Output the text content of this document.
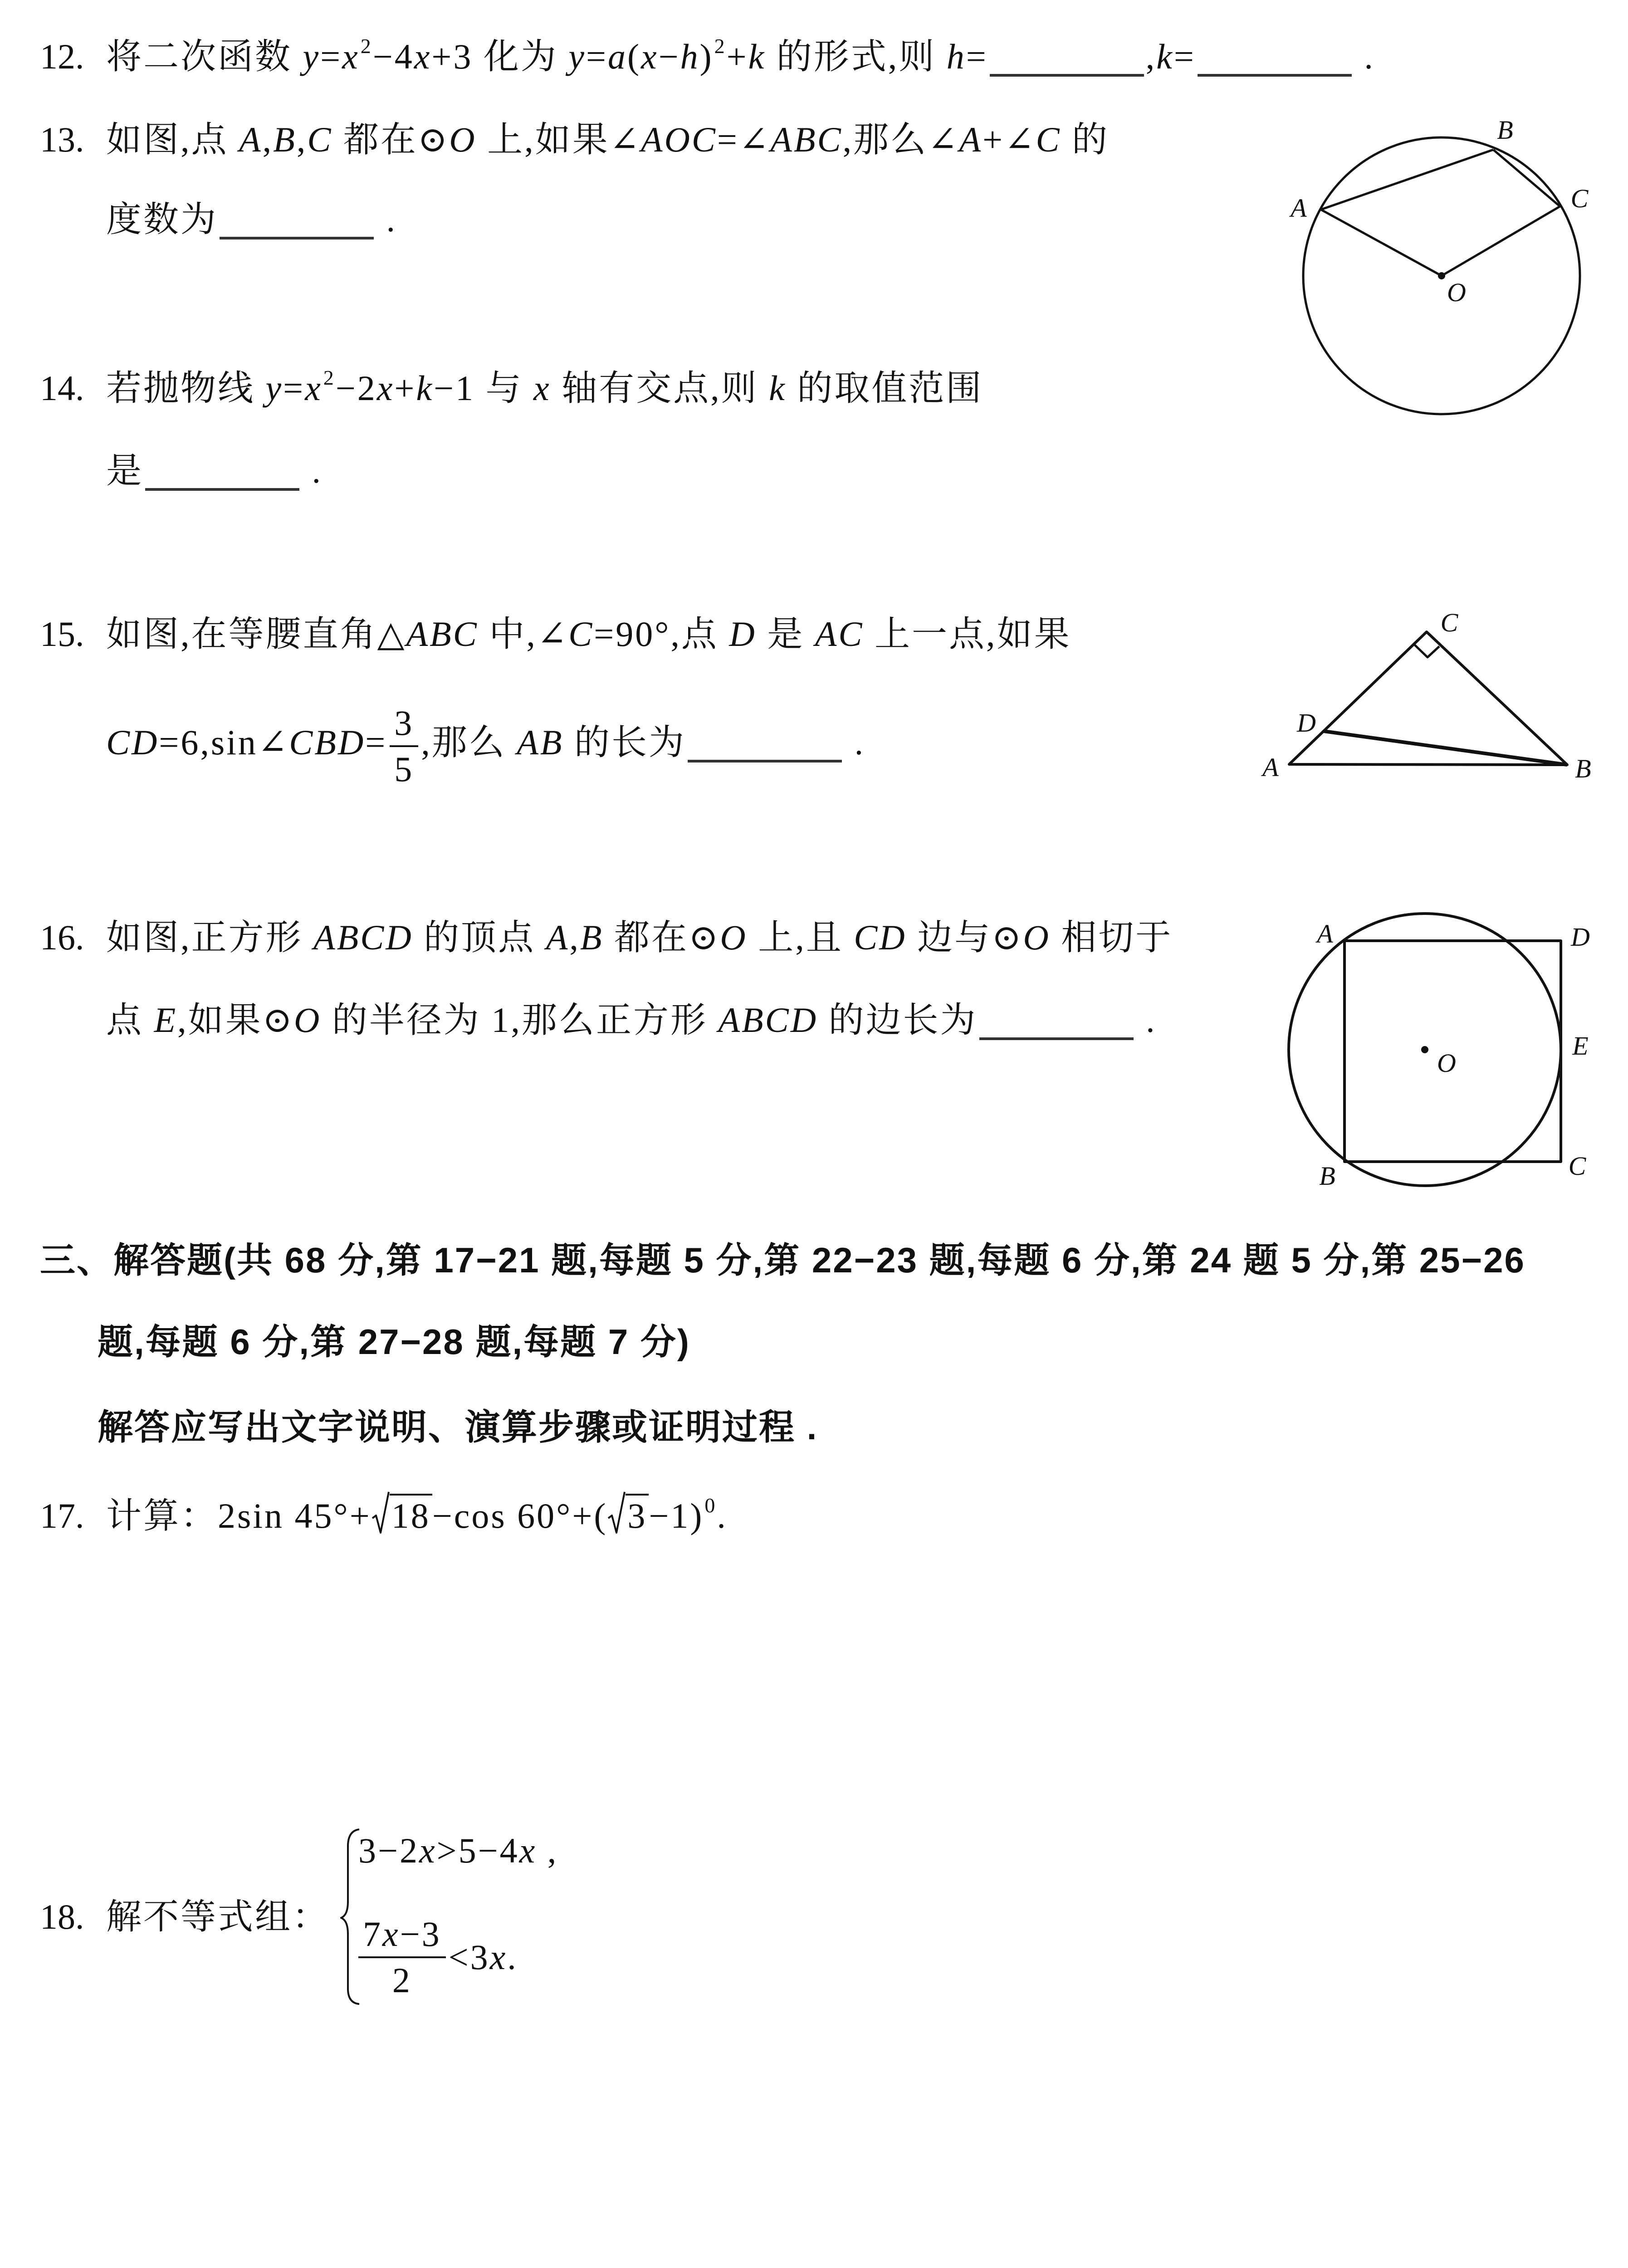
12. 将二次函数 $y=x^2-4x+3$ 化为 $y=a(x-h)^2+k$ 的形式,则 h=	,k=	.
13. 如图,点 A,B,C 都在⊙O 上,如果∠AOC=∠ABC,那么∠A+∠C 的
度数为	.	A
B
C
O
14. 若抛物线 $y=x^2-2x+k-1$ 与 x 轴有交点,则 k 的取值范围
是	.
15. 如图,在等腰直角△ABC 中,∠C=90°,点 D 是 AC 上一点,如果
CD=6,sin∠CBD= $\frac{3}{5}$ ,那么 AB 的长为	.
C
D
A	B
16. 如图,正方形 ABCD 的顶点 A,B 都在⊙O 上,且 CD 边与⊙O 相切于
点 E,如果⊙O 的半径为 1,那么正方形 ABCD 的边长为	.
A	D
E
O
B	C
三、解答题(共 68 分,第 17−21 题,每题 5 分,第 22−23 题,每题 6 分,第 24 题 5 分,第 25−26
题,每题 6 分,第 27−28 题,每题 7 分)
解答应写出文字说明、演算步骤或证明过程 .
17. 计算：2sin 45°+ 18−cos 60°+( 3−1)$^0$.
18. 解不等式组：
3−2x>5−4x ,
$\frac{7x-3}{2} <3$ x .
